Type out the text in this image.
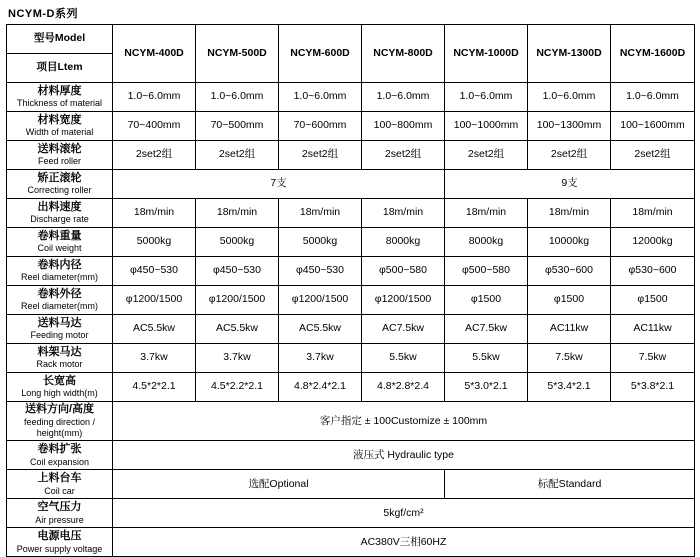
NCYM-D系列
型号Model	NCYM-400D	NCYM-500D	NCYM-600D	NCYM-800D	NCYM-1000D	NCYM-1300D	NCYM-1600D
项目Ltem							

材料厚度
Thickness of material	1.0~6.0mm	1.0~6.0mm	1.0~6.0mm	1.0~6.0mm	1.0~6.0mm	1.0~6.0mm	1.0~6.0mm

材料宽度
Width of material	70~400mm	70~500mm	70~600mm	100~800mm	100~1000mm	100~1300mm	100~1600mm

送料滚轮
Feed roller	2set2组	2set2组	2set2组	2set2组	2set2组	2set2组	2set2组

矫正滚轮
Correcting roller	7支				9支		

出料速度
Discharge rate	18m/min	18m/min	18m/min	18m/min	18m/min	18m/min	18m/min

卷料重量
Coil weight	5000kg	5000kg	5000kg	8000kg	8000kg	10000kg	12000kg

卷料内径
Reel diameter(mm)	φ450~530	φ450~530	φ450~530	φ500~580	φ500~580	φ530~600	φ530~600

卷料外径
Reel diameter(mm)	φ1200/1500	φ1200/1500	φ1200/1500	φ1200/1500	φ1500	φ1500	φ1500

送料马达
Feeding motor	AC5.5kw	AC5.5kw	AC5.5kw	AC7.5kw	AC7.5kw	AC11kw	AC11kw

料架马达
Rack motor	3.7kw	3.7kw	3.7kw	5.5kw	5.5kw	7.5kw	7.5kw

长宽高
Long high width(m)	4.5*2*2.1	4.5*2.2*2.1	4.8*2.4*2.1	4.8*2.8*2.4	5*3.0*2.1	5*3.4*2.1	5*3.8*2.1

送料方向/高度
feeding direction / height(mm)	客户指定 ± 100Customize ± 100mm						

卷料扩张
Coil expansion	液压式 Hydraulic type						

上料台车
Coil car	选配Optional				标配Standard		

空气压力
Air pressure	5kgf/cm²						

电源电压
Power supply voltage	AC380V三相60HZ						
